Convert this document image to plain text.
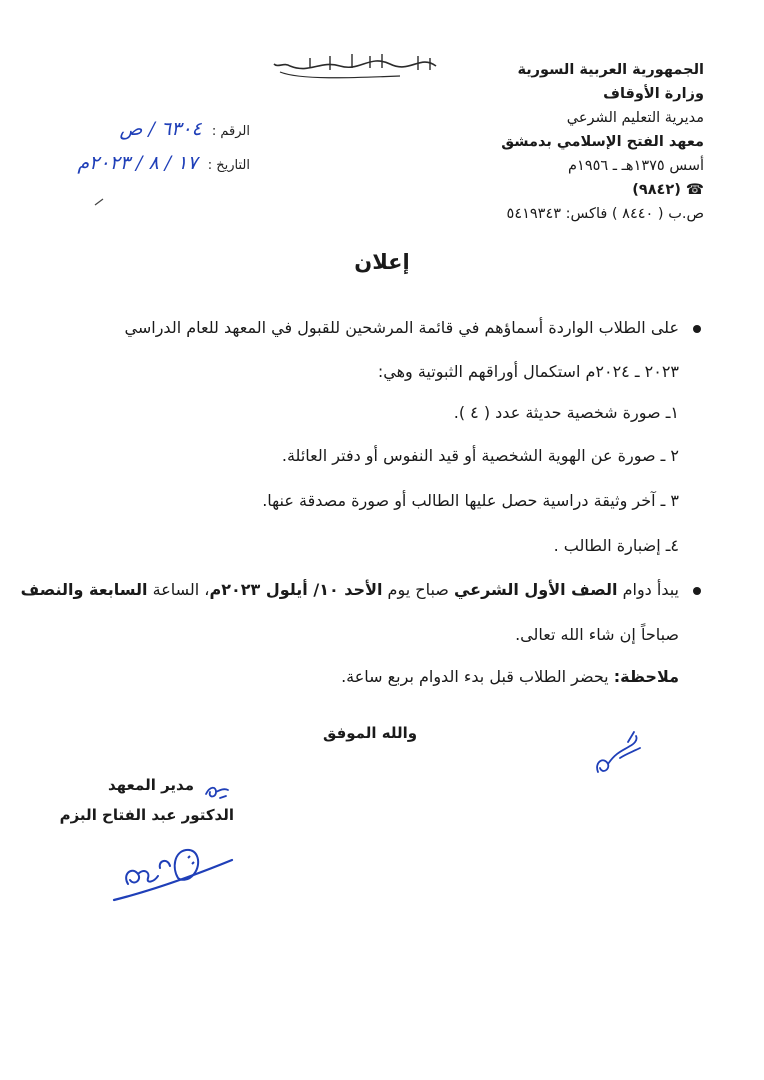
الجمهورية العربية السورية
وزارة الأوقاف
مديرية التعليم الشرعي
معهد الفتح الإسلامي بدمشق
أسس ١٣٧٥هـ ـ ١٩٥٦م
☎ (٩٨٤٢)
ص.ب ( ٨٤٤٠ ) فاكس: ٥٤١٩٣٤٣
بسم الله الرحمن الرحيم
الرقم : ٦٣٠٤ / ص
التاريخ : ١٧ / ٨ / ٢٠٢٣م
إعلان
على الطلاب الواردة أسماؤهم في قائمة المرشحين للقبول في المعهد للعام الدراسي
٢٠٢٣ ـ ٢٠٢٤م استكمال أوراقهم الثبوتية وهي:
١ـ صورة شخصية حديثة عدد ( ٤ ).
٢ ـ صورة عن الهوية الشخصية أو قيد النفوس أو دفتر العائلة.
٣ ـ آخر وثيقة دراسية حصل عليها الطالب أو صورة مصدقة عنها.
٤ـ إضبارة الطالب .
يبدأ دوام الصف الأول الشرعي صباح يوم الأحد ١٠/ أيلول ٢٠٢٣م، الساعة السابعة والنصف
صباحاً إن شاء الله تعالى.
ملاحظة: يحضر الطلاب قبل بدء الدوام بربع ساعة.
والله الموفق
مدير المعهد
الدكتور عبد الفتاح البزم
